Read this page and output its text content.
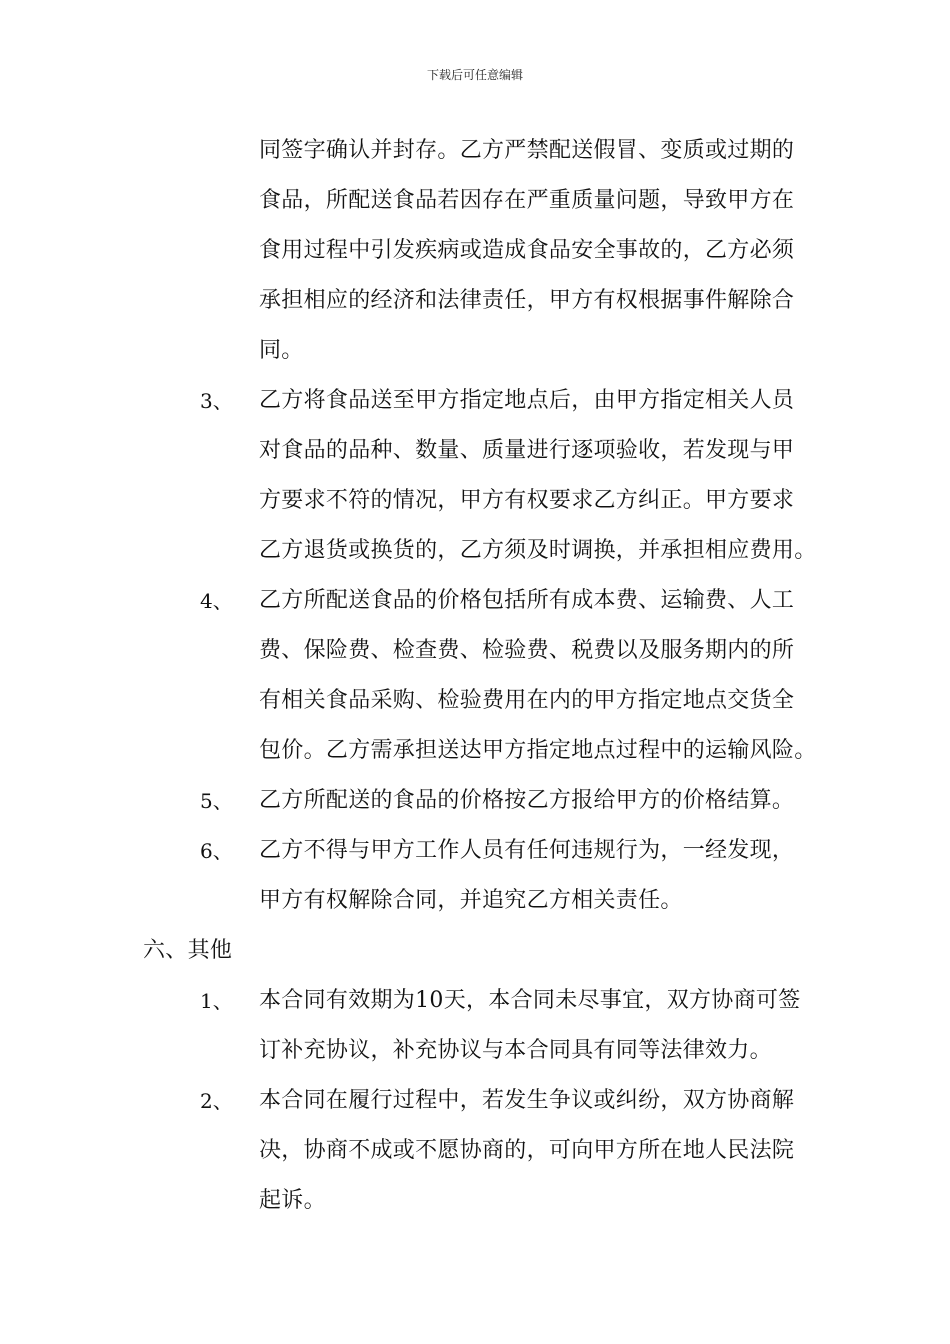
下载后可任意编辑
同签字确认并封存。乙方严禁配送假冒、变质或过期的
食品，所配送食品若因存在严重质量问题，导致甲方在
食用过程中引发疾病或造成食品安全事故的，乙方必须
承担相应的经济和法律责任，甲方有权根据事件解除合
同。
3、 乙方将食品送至甲方指定地点后，由甲方指定相关人员
对食品的品种、数量、质量进行逐项验收，若发现与甲
方要求不符的情况，甲方有权要求乙方纠正。甲方要求
乙方退货或换货的，乙方须及时调换，并承担相应费用。
4、 乙方所配送食品的价格包括所有成本费、运输费、人工
费、保险费、检查费、检验费、税费以及服务期内的所
有相关食品采购、检验费用在内的甲方指定地点交货全
包价。乙方需承担送达甲方指定地点过程中的运输风险。
5、 乙方所配送的食品的价格按乙方报给甲方的价格结算。
6、 乙方不得与甲方工作人员有任何违规行为，一经发现，
甲方有权解除合同，并追究乙方相关责任。
六、其他
1、 本合同有效期为10天，本合同未尽事宜，双方协商可签
订补充协议，补充协议与本合同具有同等法律效力。
2、 本合同在履行过程中，若发生争议或纠纷，双方协商解
决，协商不成或不愿协商的，可向甲方所在地人民法院
起诉。
